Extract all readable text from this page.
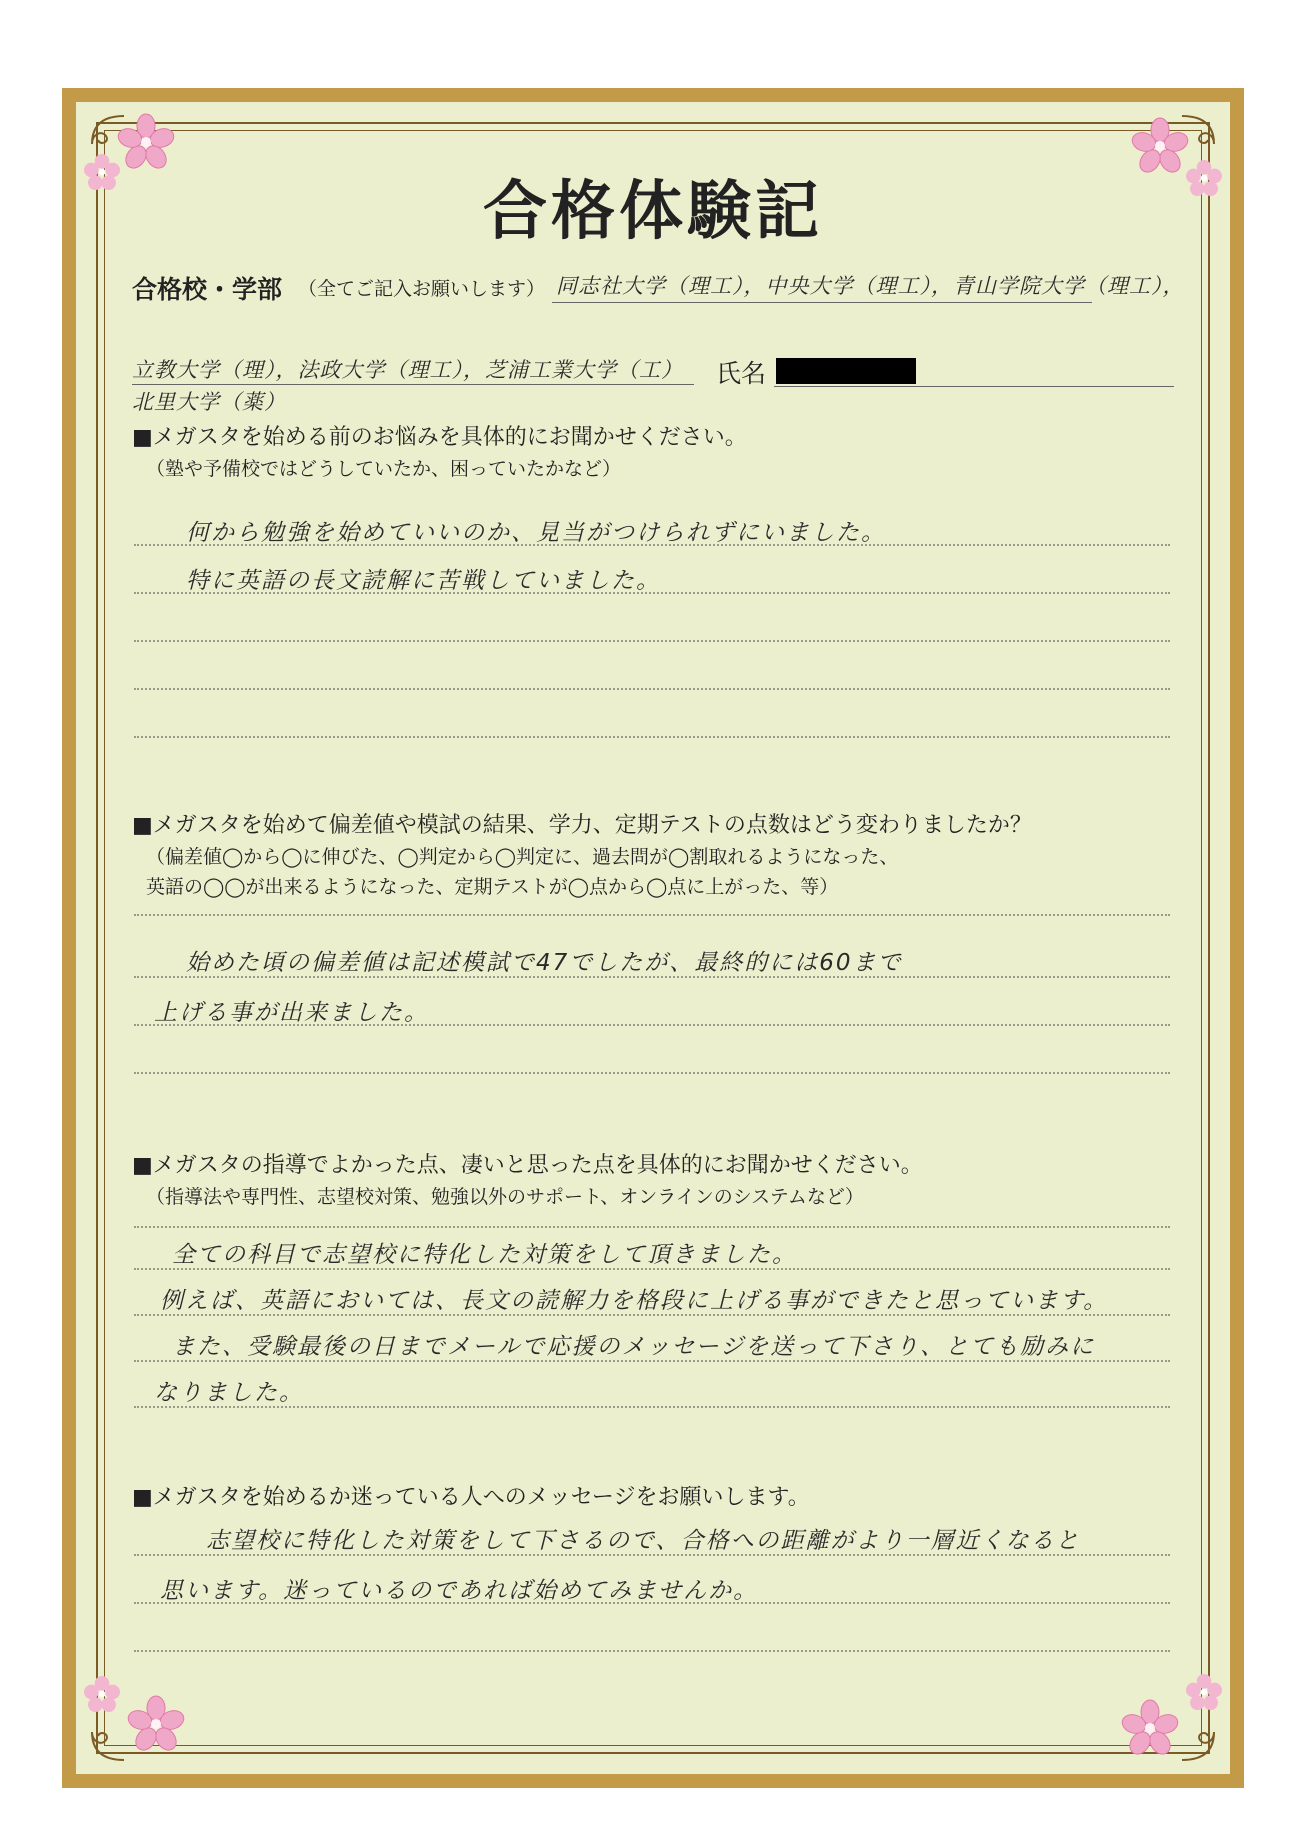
合格体験記
合格校・学部 （全てご記入お願いします） 同志社大学（理工），中央大学（理工），青山学院大学（理工），
立教大学（理），法政大学（理工），芝浦工業大学（工） 氏名
北里大学（薬）
■メガスタを始める前のお悩みを具体的にお聞かせください。
（塾や予備校ではどうしていたか、困っていたかなど）
何から勉強を始めていいのか、見当がつけられずにいました。
特に英語の長文読解に苦戦していました。
■メガスタを始めて偏差値や模試の結果、学力、定期テストの点数はどう変わりましたか？
（偏差値◯から◯に伸びた、◯判定から◯判定に、過去問が◯割取れるようになった、
英語の◯◯が出来るようになった、定期テストが◯点から◯点に上がった、等）
始めた頃の偏差値は記述模試で47でしたが、最終的には60まで
上げる事が出来ました。
■メガスタの指導でよかった点、凄いと思った点を具体的にお聞かせください。
（指導法や専門性、志望校対策、勉強以外のサポート、オンラインのシステムなど）
全ての科目で志望校に特化した対策をして頂きました。
例えば、英語においては、長文の読解力を格段に上げる事ができたと思っています。
また、受験最後の日までメールで応援のメッセージを送って下さり、とても励みに
なりました。
■メガスタを始めるか迷っている人へのメッセージをお願いします。
志望校に特化した対策をして下さるので、合格への距離がより一層近くなると
思います。迷っているのであれば始めてみませんか。
